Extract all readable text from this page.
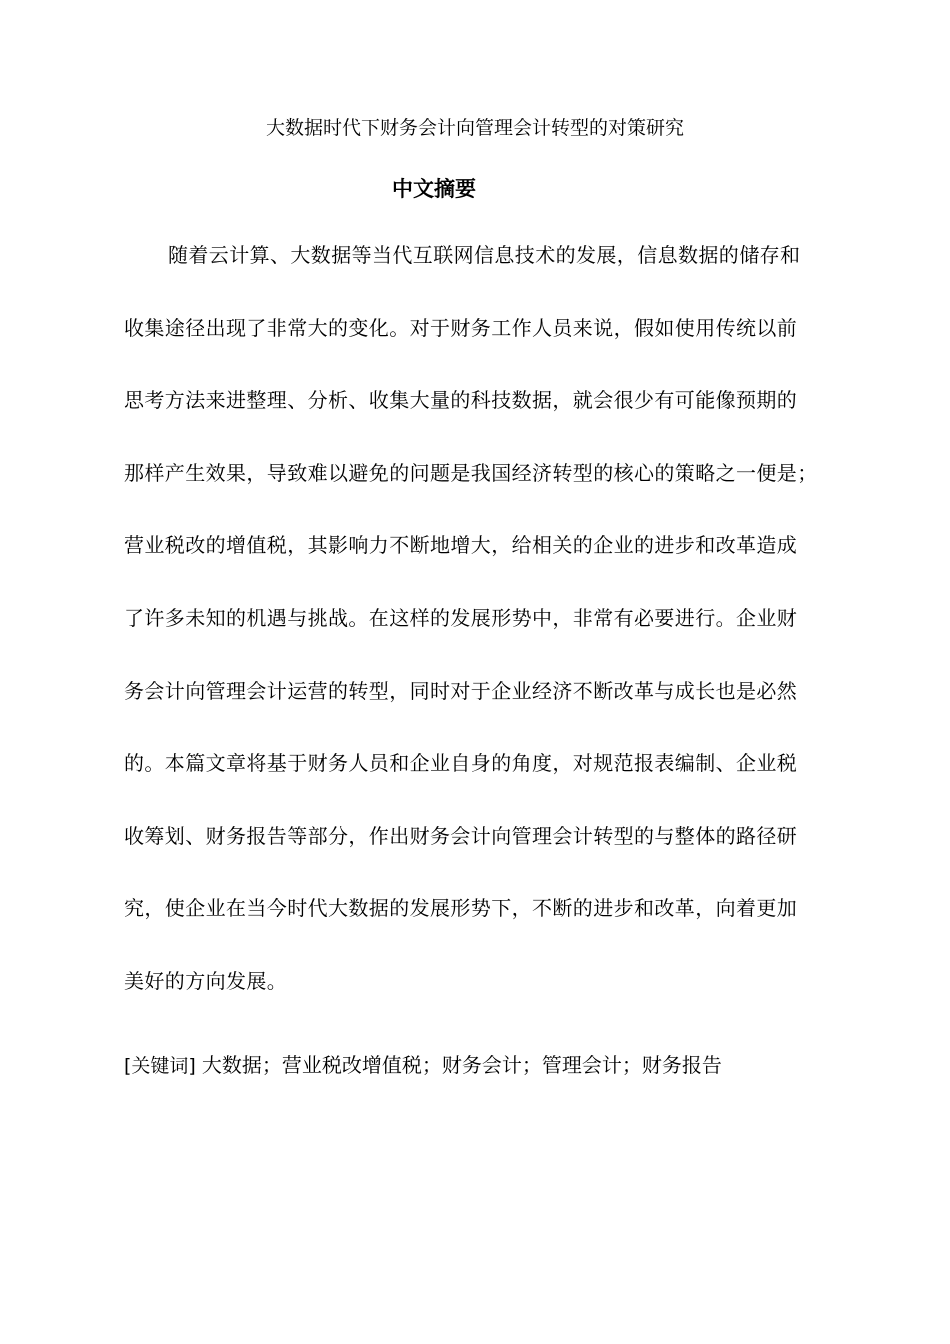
大数据时代下财务会计向管理会计转型的对策研究
中文摘要
随着云计算、大数据等当代互联网信息技术的发展，信息数据的储存和
收集途径出现了非常大的变化。对于财务工作人员来说，假如使用传统以前
思考方法来进整理、分析、收集大量的科技数据，就会很少有可能像预期的
那样产生效果，导致难以避免的问题是我国经济转型的核心的策略之一便是；
营业税改的增值税，其影响力不断地增大，给相关的企业的进步和改革造成
了许多未知的机遇与挑战。在这样的发展形势中，非常有必要进行。企业财
务会计向管理会计运营的转型，同时对于企业经济不断改革与成长也是必然
的。本篇文章将基于财务人员和企业自身的角度，对规范报表编制、企业税
收筹划、财务报告等部分，作出财务会计向管理会计转型的与整体的路径研
究，使企业在当今时代大数据的发展形势下，不断的进步和改革，向着更加
美好的方向发展。
[关键词] 大数据；营业税改增值税；财务会计；管理会计；财务报告
